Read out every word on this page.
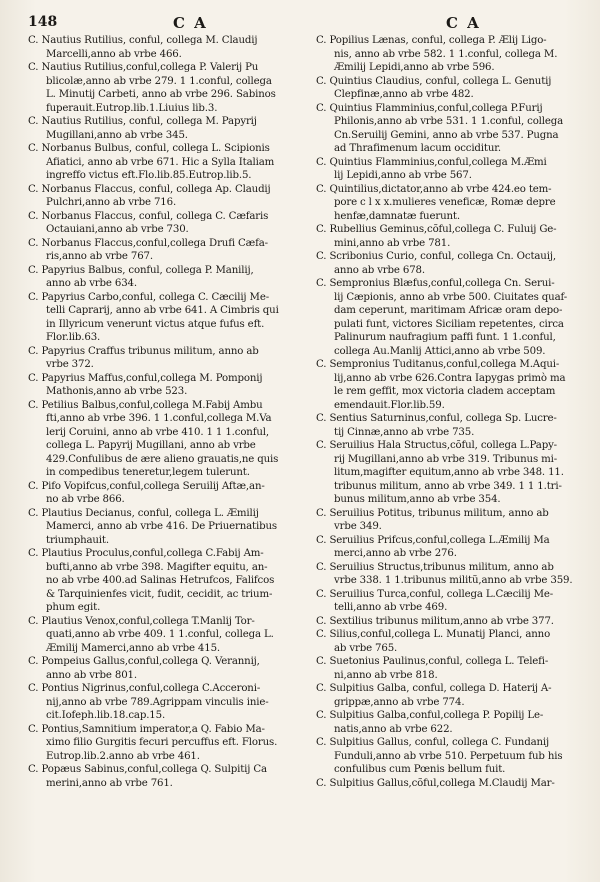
148	C A	C A
C. Nautius Rutilius, conful, collega M. Claudij
Marcelli,anno ab vrbe 466.
C. Nautius Rutilius,conful,collega P. Valerij Pu
blicolæ,anno ab vrbe 279. 1 1.conful, collega
L. Minutij Carbeti, anno ab vrbe 296. Sabinos
fuperauit.Eutrop.lib.1.Liuius lib.3.
C. Nautius Rutilius, conful, collega M. Papyrij
Mugillani,anno ab vrbe 345.
C. Norbanus Bulbus, conful, collega L. Scipionis
Afiatici, anno ab vrbe 671. Hic a Sylla Italiam
ingreffo victus eft.Flo.lib.85.Eutrop.lib.5.
C. Norbanus Flaccus, conful, collega Ap. Claudij
Pulchri,anno ab vrbe 716.
C. Norbanus Flaccus, conful, collega C. Cæfaris
Octauiani,anno ab vrbe 730.
C. Norbanus Flaccus,conful,collega Drufi Cæfa-
ris,anno ab vrbe 767.
C. Papyrius Balbus, conful, collega P. Manilij,
anno ab vrbe 634.
C. Papyrius Carbo,conful, collega C. Cæcilij Me-
telli Caprarij, anno ab vrbe 641. A Cimbris qui
in Illyricum venerunt victus atque fufus eft.
Flor.lib.63.
C. Papyrius Craffus tribunus militum, anno ab
vrbe 372.
C. Papyrius Maffus,conful,collega M. Pomponij
Mathonis,anno ab vrbe 523.
C. Petilius Balbus,conful,collega M.Fabij Ambu
fti,anno ab vrbe 396. 1 1.conful,collega M.Va
lerij Coruini, anno ab vrbe 410. 1 1 1.conful,
collega L. Papyrij Mugillani, anno ab vrbe
429.Confulibus de ære alieno grauatis,ne quis
in compedibus teneretur,legem tulerunt.
C. Pifo Vopifcus,conful,collega Seruilij Aftæ,an-
no ab vrbe 866.
C. Plautius Decianus, conful, collega L. Æmilij
Mamerci, anno ab vrbe 416. De Priuernatibus
triumphauit.
C. Plautius Proculus,conful,collega C.Fabij Am-
bufti,anno ab vrbe 398. Magifter equitu, an-
no ab vrbe 400.ad Salinas Hetrufcos, Falifcos
& Tarquinienfes vicit, fudit, cecidit, ac trium-
phum egit.
C. Plautius Venox,conful,collega T.Manlij Tor-
quati,anno ab vrbe 409. 1 1.conful, collega L.
Æmilij Mamerci,anno ab vrbe 415.
C. Pompeius Gallus,conful,collega Q. Verannij,
anno ab vrbe 801.
C. Pontius Nigrinus,conful,collega C.Acceroni-
nij,anno ab vrbe 789.Agrippam vinculis inie-
cit.Iofeph.lib.18.cap.15.
C. Pontius,Samnitium imperator,a Q. Fabio Ma-
ximo filio Gurgitis fecuri percuffus eft. Florus.
Eutrop.lib.2.anno ab vrbe 461.
C. Popæus Sabinus,conful,collega Q. Sulpitij Ca
merini,anno ab vrbe 761.
C. Popilius Lænas, conful, collega P. Ælij Ligo-
nis, anno ab vrbe 582. 1 1.conful, collega M.
Æmilij Lepidi,anno ab vrbe 596.
C. Quintius Claudius, conful, collega L. Genutij
Clepfinæ,anno ab vrbe 482.
C. Quintius Flamminius,conful,collega P.Furij
Philonis,anno ab vrbe 531. 1 1.conful, collega
Cn.Seruilij Gemini, anno ab vrbe 537. Pugna
ad Thrafimenum lacum occiditur.
C. Quintius Flamminius,conful,collega M.Æmi
lij Lepidi,anno ab vrbe 567.
C. Quintilius,dictator,anno ab vrbe 424.eo tem-
pore c l x x.mulieres veneficæ, Romæ depre
henfæ,damnatæ fuerunt.
C. Rubellius Geminus,cõful,collega C. Fuluij Ge-
mini,anno ab vrbe 781.
C. Scribonius Curio, conful, collega Cn. Octauij,
anno ab vrbe 678.
C. Sempronius Blæfus,conful,collega Cn. Serui-
lij Cæpionis, anno ab vrbe 500. Ciuitates quaf-
dam ceperunt, maritimam Africæ oram depo-
pulati funt, victores Siciliam repetentes, circa
Palinurum naufragium paffi funt. 1 1.conful,
collega Au.Manlij Attici,anno ab vrbe 509.
C. Sempronius Tuditanus,conful,collega M.Aqui-
lij,anno ab vrbe 626.Contra Iapygas primò ma
le rem geffit, mox victoria cladem acceptam
emendauit.Flor.lib.59.
C. Sentius Saturninus,conful, collega Sp. Lucre-
tij Cinnæ,anno ab vrbe 735.
C. Seruilius Hala Structus,cõful, collega L.Papy-
rij Mugillani,anno ab vrbe 319. Tribunus mi-
litum,magifter equitum,anno ab vrbe 348. 11.
tribunus militum, anno ab vrbe 349. 1 1 1.tri-
bunus militum,anno ab vrbe 354.
C. Seruilius Potitus, tribunus militum, anno ab
vrbe 349.
C. Seruilius Prifcus,conful,collega L.Æmilij Ma
merci,anno ab vrbe 276.
C. Seruilius Structus,tribunus militum, anno ab
vrbe 338. 1 1.tribunus militũ,anno ab vrbe 359.
C. Seruilius Turca,conful, collega L.Cæcilij Me-
telli,anno ab vrbe 469.
C. Sextilius tribunus militum,anno ab vrbe 377.
C. Silius,conful,collega L. Munatij Planci, anno
ab vrbe 765.
C. Suetonius Paulinus,conful, collega L. Telefi-
ni,anno ab vrbe 818.
C. Sulpitius Galba, conful, collega D. Haterij A-
grippæ,anno ab vrbe 774.
C. Sulpitius Galba,conful,collega P. Popilij Le-
natis,anno ab vrbe 622.
C. Sulpitius Gallus, conful, collega C. Fundanij
Funduli,anno ab vrbe 510. Perpetuum fub his
confulibus cum Pœnis bellum fuit.
C. Sulpitius Gallus,cõful,collega M.Claudij Mar-
